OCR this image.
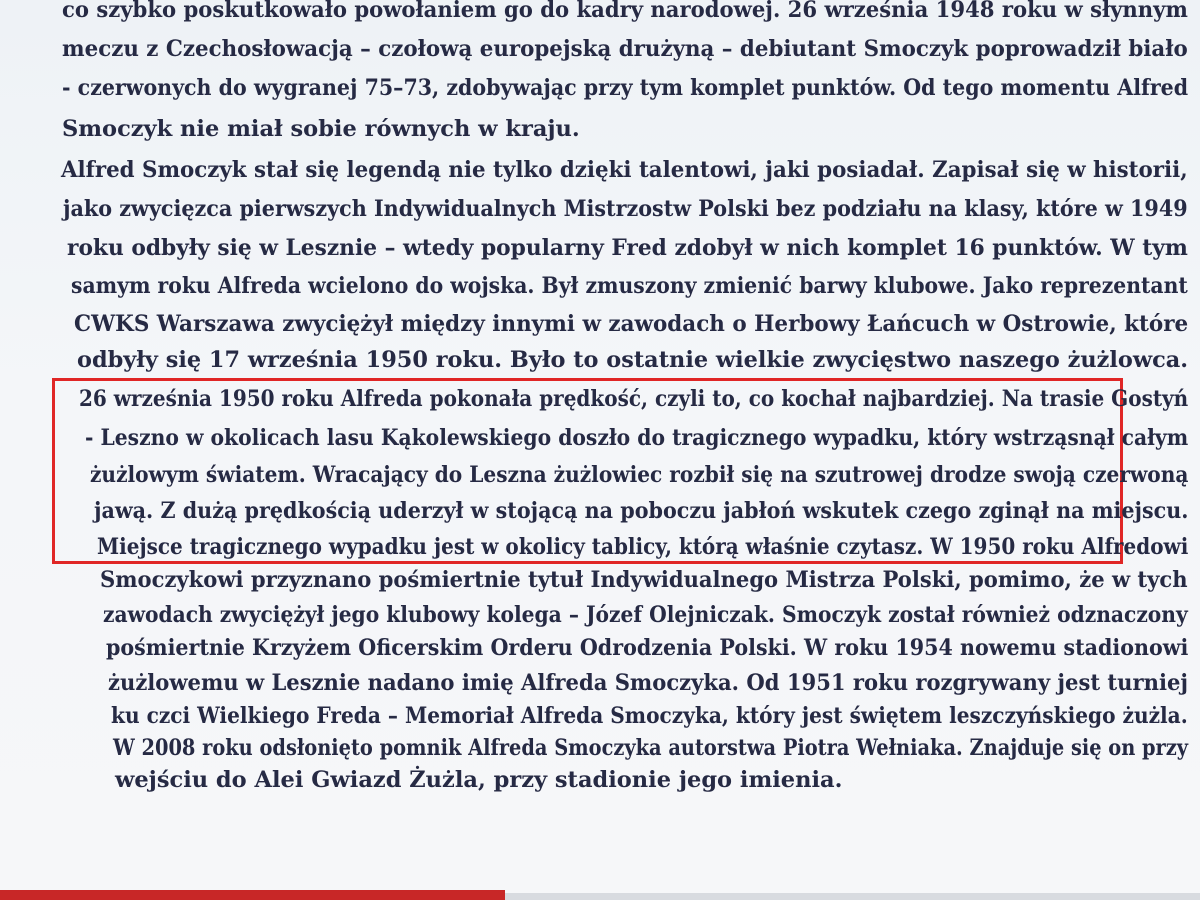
co szybko poskutkowało powołaniem go do kadry narodowej. 26 września 1948 roku w słynnym
meczu z Czechosłowacją – czołową europejską drużyną – debiutant Smoczyk poprowadził biało
- czerwonych do wygranej 75–73, zdobywając przy tym komplet punktów. Od tego momentu Alfred
Smoczyk nie miał sobie równych w kraju.
Alfred Smoczyk stał się legendą nie tylko dzięki talentowi, jaki posiadał. Zapisał się w historii,
jako zwycięzca pierwszych Indywidualnych Mistrzostw Polski bez podziału na klasy, które w 1949
roku odbyły się w Lesznie – wtedy popularny Fred zdobył w nich komplet 16 punktów. W tym
samym roku Alfreda wcielono do wojska. Był zmuszony zmienić barwy klubowe. Jako reprezentant
CWKS Warszawa zwyciężył między innymi w zawodach o Herbowy Łańcuch w Ostrowie, które
odbyły się 17 września 1950 roku. Było to ostatnie wielkie zwycięstwo naszego żużlowca.
26 września 1950 roku Alfreda pokonała prędkość, czyli to, co kochał najbardziej. Na trasie Gostyń
- Leszno w okolicach lasu Kąkolewskiego doszło do tragicznego wypadku, który wstrząsnął całym
żużlowym światem. Wracający do Leszna żużlowiec rozbił się na szutrowej drodze swoją czerwoną
jawą. Z dużą prędkością uderzył w stojącą na poboczu jabłoń wskutek czego zginął na miejscu.
Miejsce tragicznego wypadku jest w okolicy tablicy, którą właśnie czytasz. W 1950 roku Alfredowi
Smoczykowi przyznano pośmiertnie tytuł Indywidualnego Mistrza Polski, pomimo, że w tych
zawodach zwyciężył jego klubowy kolega – Józef Olejniczak. Smoczyk został również odznaczony
pośmiertnie Krzyżem Oficerskim Orderu Odrodzenia Polski. W roku 1954 nowemu stadionowi
żużlowemu w Lesznie nadano imię Alfreda Smoczyka. Od 1951 roku rozgrywany jest turniej
ku czci Wielkiego Freda – Memoriał Alfreda Smoczyka, który jest świętem leszczyńskiego żużla.
W 2008 roku odsłonięto pomnik Alfreda Smoczyka autorstwa Piotra Wełniaka. Znajduje się on przy
wejściu do Alei Gwiazd Żużla, przy stadionie jego imienia.
